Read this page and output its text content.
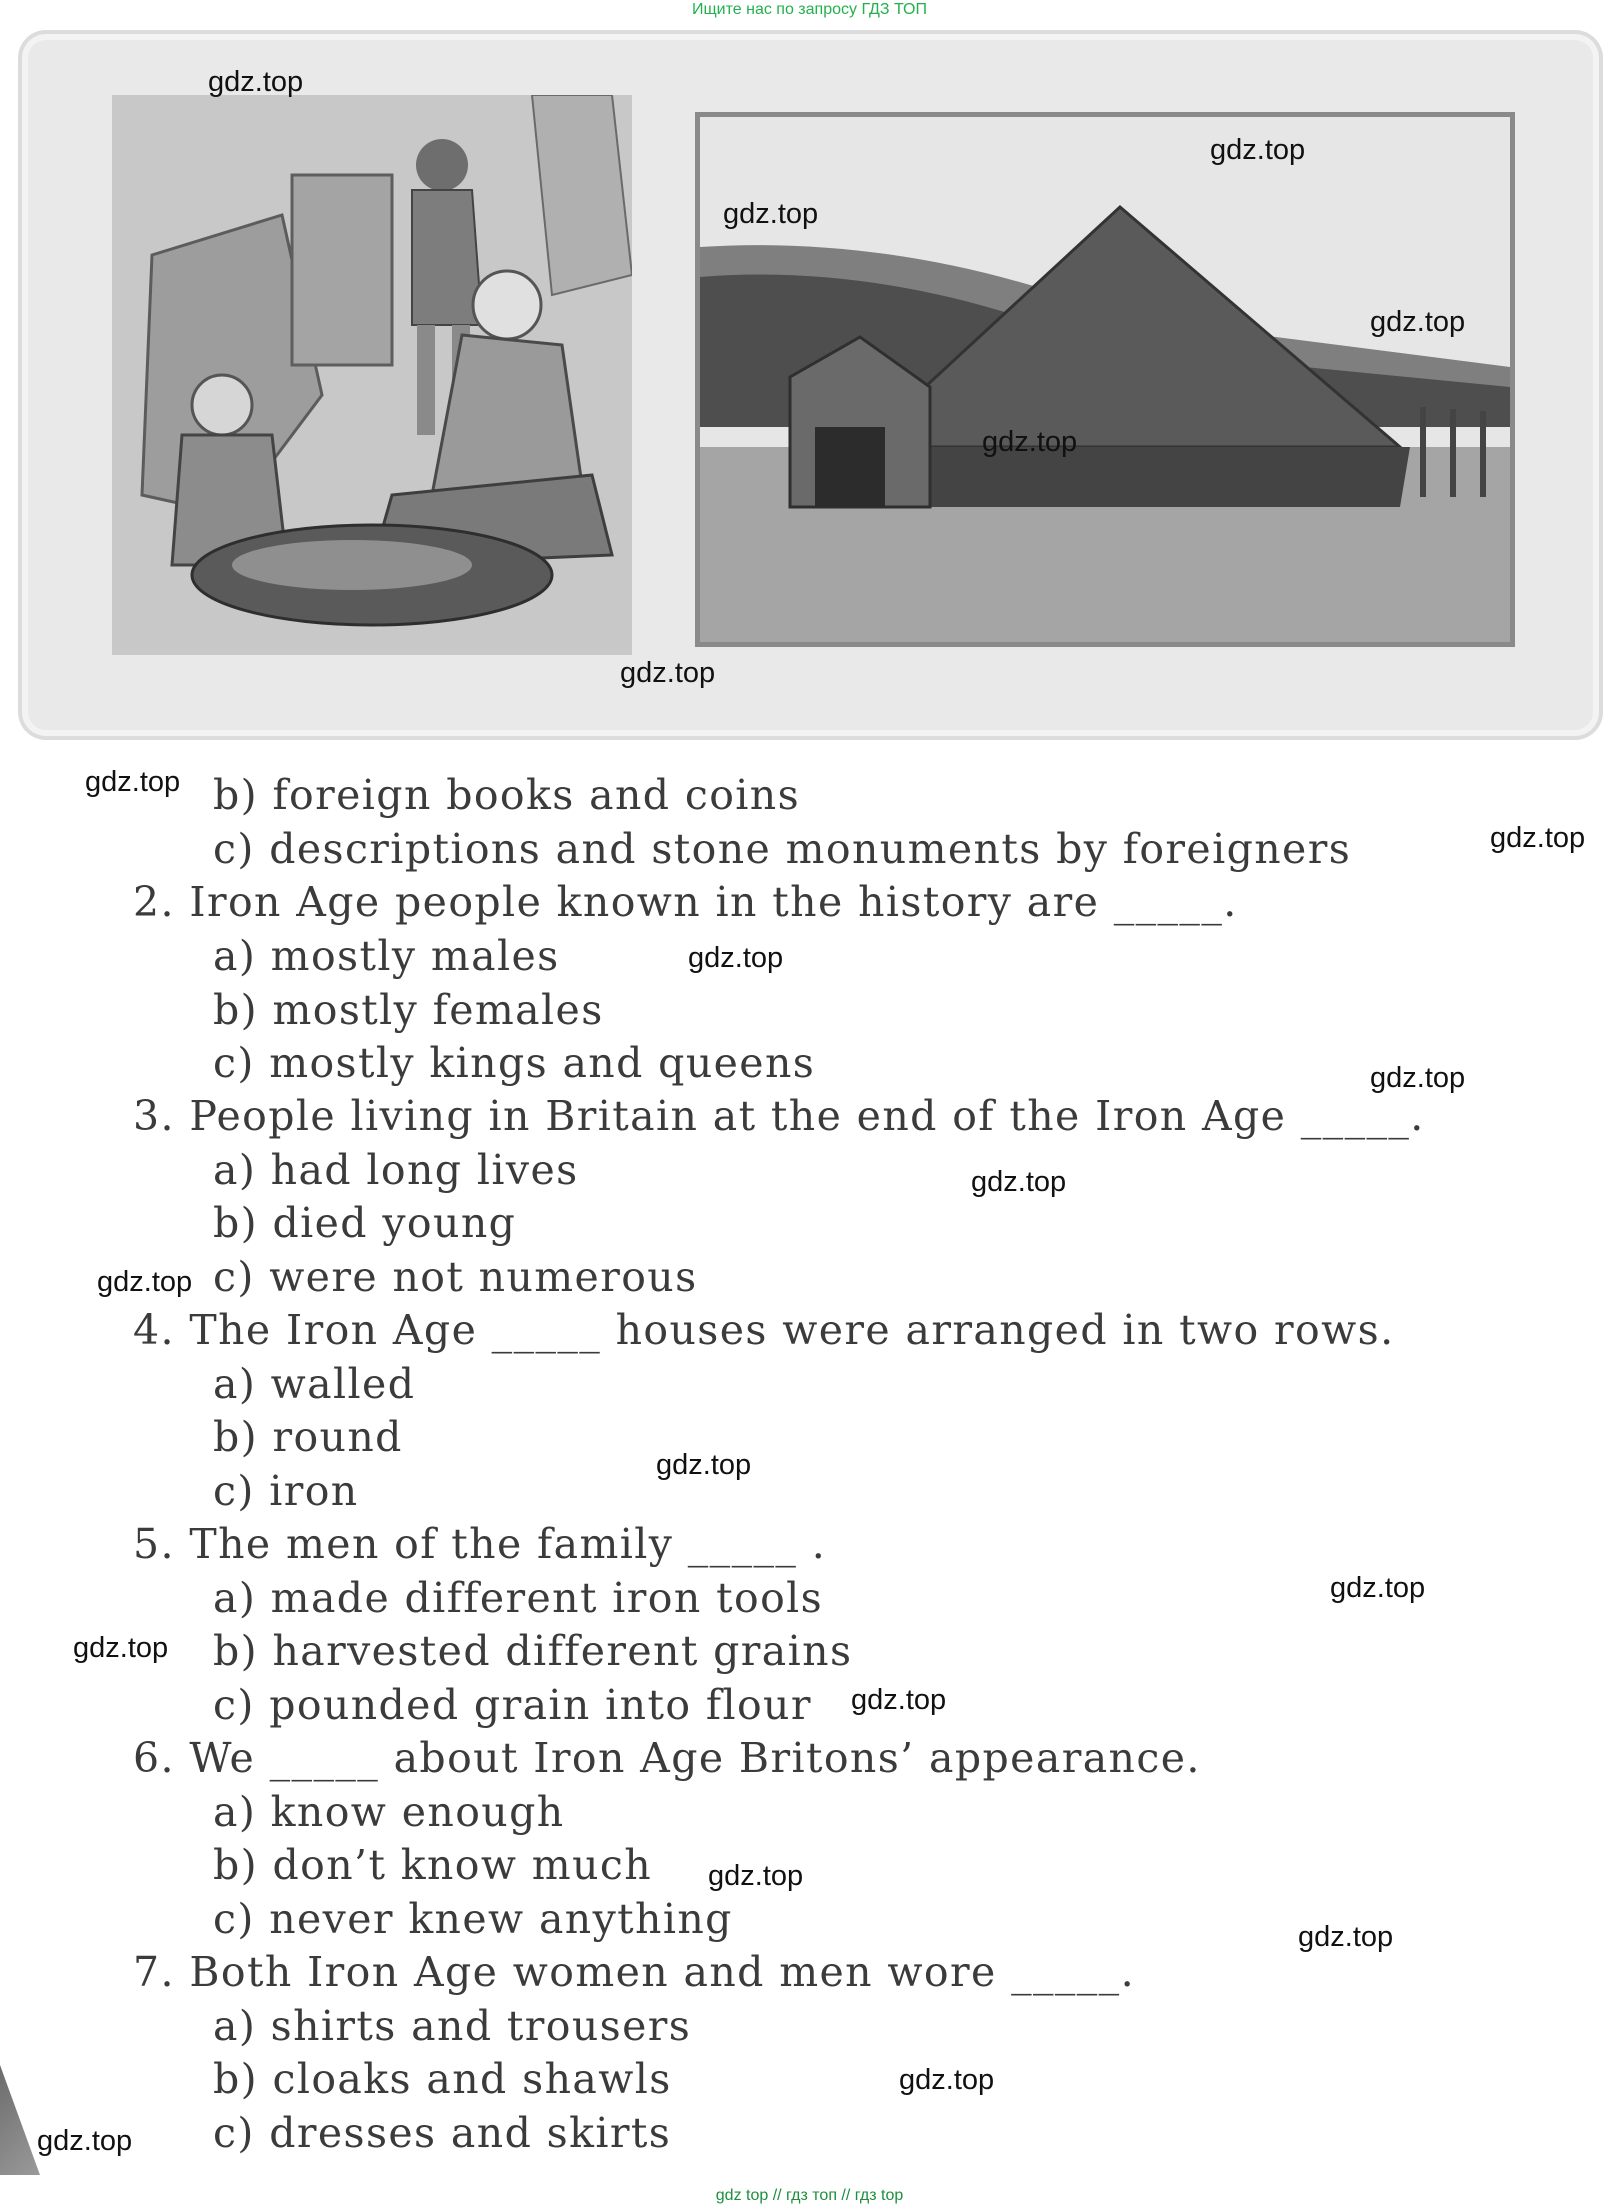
Ищите нас по запросу ГДЗ ТОП
b) foreign books and coins
c) descriptions and stone monuments by foreigners
2. Iron Age people known in the history are _____.
a) mostly males
b) mostly females
c) mostly kings and queens
3. People living in Britain at the end of the Iron Age _____.
a) had long lives
b) died young
c) were not numerous
4. The Iron Age _____ houses were arranged in two rows.
a) walled
b) round
c) iron
5. The men of the family _____ .
a) made different iron tools
b) harvested different grains
c) pounded grain into flour
6. We _____ about Iron Age Britons’ appearance.
a) know enough
b) don’t know much
c) never knew anything
7. Both Iron Age women and men wore _____.
a) shirts and trousers
b) cloaks and shawls
c) dresses and skirts
gdz.top
gdz.top
gdz.top
gdz.top
gdz.top
gdz.top
gdz.top
gdz.top
gdz.top
gdz.top
gdz.top
gdz.top
gdz.top
gdz.top
gdz.top
gdz.top
gdz.top
gdz.top
gdz.top
gdz.top
gdz top // гдз топ // гдз top
